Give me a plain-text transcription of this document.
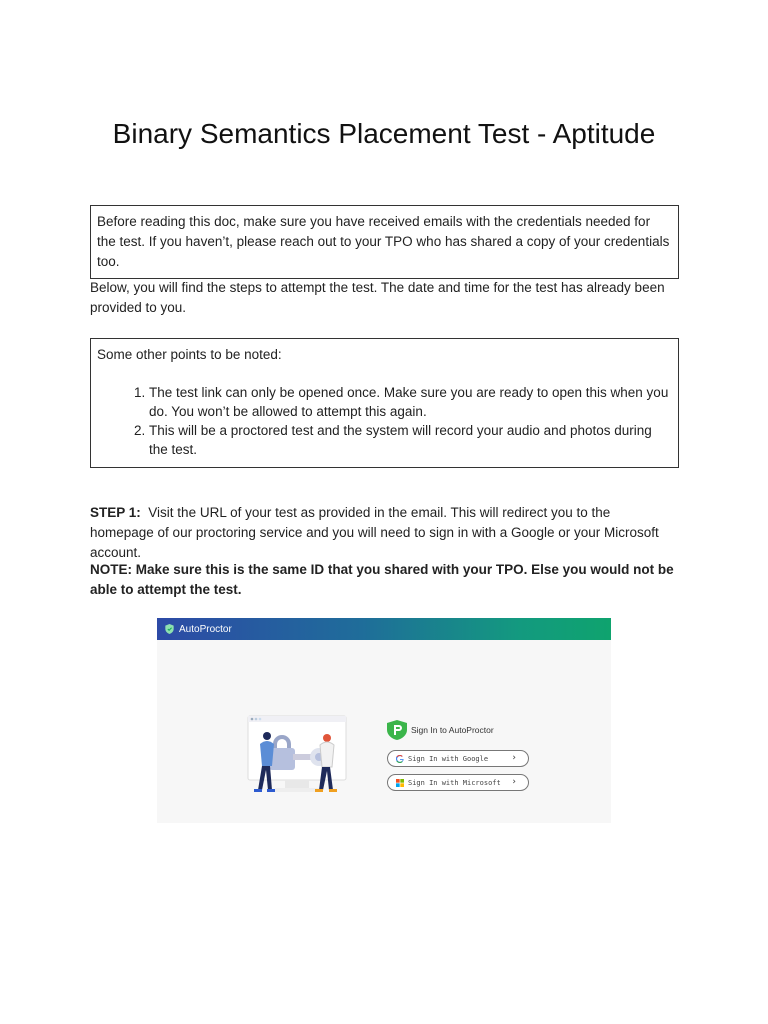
Binary Semantics Placement Test - Aptitude
Before reading this doc, make sure you have received emails with the credentials needed for the test. If you haven’t, please reach out to your TPO who has shared a copy of your credentials too.
Below, you will find the steps to attempt the test. The date and time for the test has already been provided to you.

Some other points to be noted:

1. The test link can only be opened once. Make sure you are ready to open this when you do. You won’t be allowed to attempt this again.
2. This will be a proctored test and the system will record your audio and photos during the test.
STEP 1: Visit the URL of your test as provided in the email. This will redirect you to the homepage of our proctoring service and you will need to sign in with a Google or your Microsoft account.
NOTE: Make sure this is the same ID that you shared with your TPO. Else you would not be able to attempt the test.
AutoProctor
Sign In to AutoProctor
Sign In with Google	›
Sign In with Microsoft ›
